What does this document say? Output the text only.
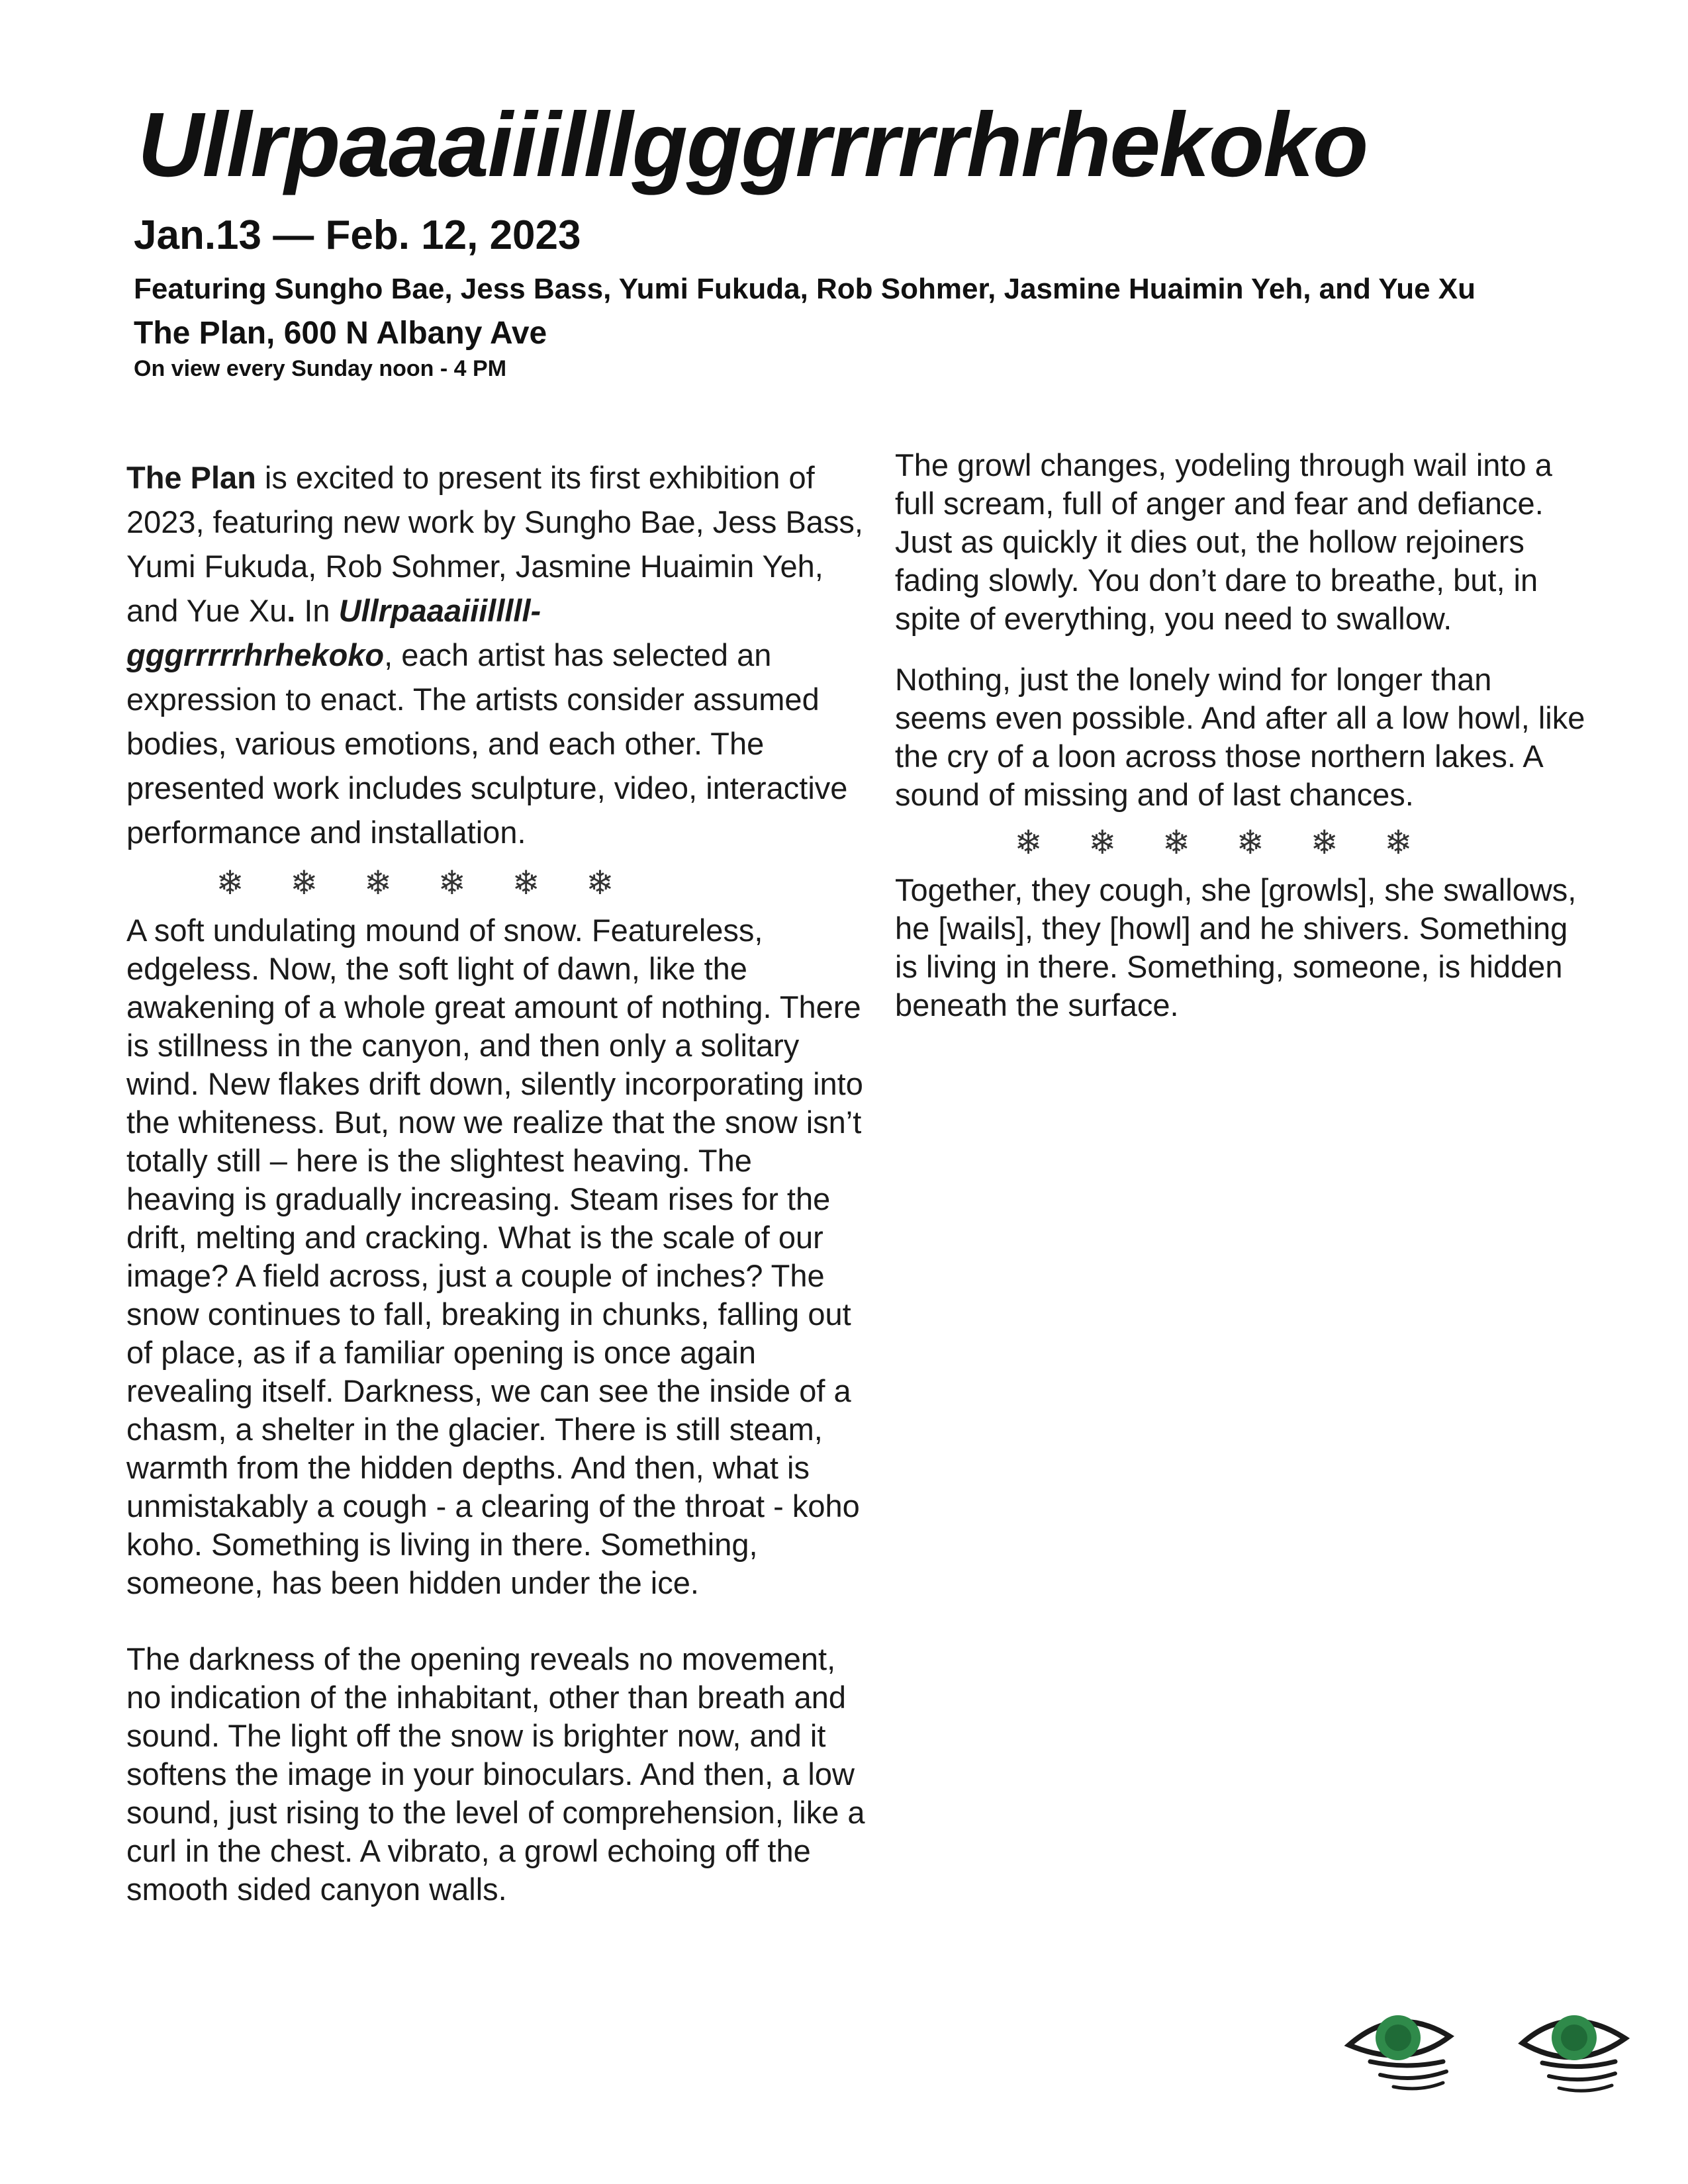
Ullrpaaaiiilllgggrrrrrhrhekoko
Jan.13 — Feb. 12, 2023
Featuring Sungho Bae, Jess Bass, Yumi Fukuda, Rob Sohmer, Jasmine Huaimin Yeh, and Yue Xu
The Plan, 600 N Albany Ave
On view every Sunday noon - 4 PM

The Plan is excited to present its first exhibition of 2023, featuring new work by Sungho Bae, Jess Bass, Yumi Fukuda, Rob Sohmer, Jasmine Huaimin Yeh, and Yue Xu. In Ullrpaaaiiilllll-
gggrrrrrhrhekoko, each artist has selected an expression to enact. The artists consider assumed bodies, various emotions, and each other. The presented work includes sculpture, video, interactive performance and installation.

❄ ❄ ❄ ❄ ❄ ❄

A soft undulating mound of snow. Featureless, edgeless. Now, the soft light of dawn, like the awakening of a whole great amount of nothing. There is stillness in the canyon, and then only a solitary wind. New flakes drift down, silently incorporating into the whiteness. But, now we realize that the snow isn’t totally still – here is the slightest heaving. The heaving is gradually increasing. Steam rises for the drift, melting and cracking. What is the scale of our image? A field across, just a couple of inches? The snow continues to fall, breaking in chunks, falling out of place, as if a familiar opening is once again revealing itself. Darkness, we can see the inside of a chasm, a shelter in the glacier. There is still steam, warmth from the hidden depths. And then, what is unmistakably a cough - a clearing of the throat - koho koho. Something is living in there. Something, someone, has been hidden under the ice.

The darkness of the opening reveals no movement, no indication of the inhabitant, other than breath and sound. The light off the snow is brighter now, and it softens the image in your binoculars. And then, a low sound, just rising to the level of comprehension, like a curl in the chest. A vibrato, a growl echoing off the smooth sided canyon walls.

The growl changes, yodeling through wail into a full scream, full of anger and fear and defiance. Just as quickly it dies out, the hollow rejoiners fading slowly. You don’t dare to breathe, but, in spite of everything, you need to swallow.

Nothing, just the lonely wind for longer than seems even possible. And after all a low howl, like the cry of a loon across those northern lakes. A sound of missing and of last chances.

❄ ❄ ❄ ❄ ❄ ❄

Together, they cough, she [growls], she swallows, he [wails], they [howl] and he shivers. Something is living in there. Something, someone, is hidden beneath the surface.
